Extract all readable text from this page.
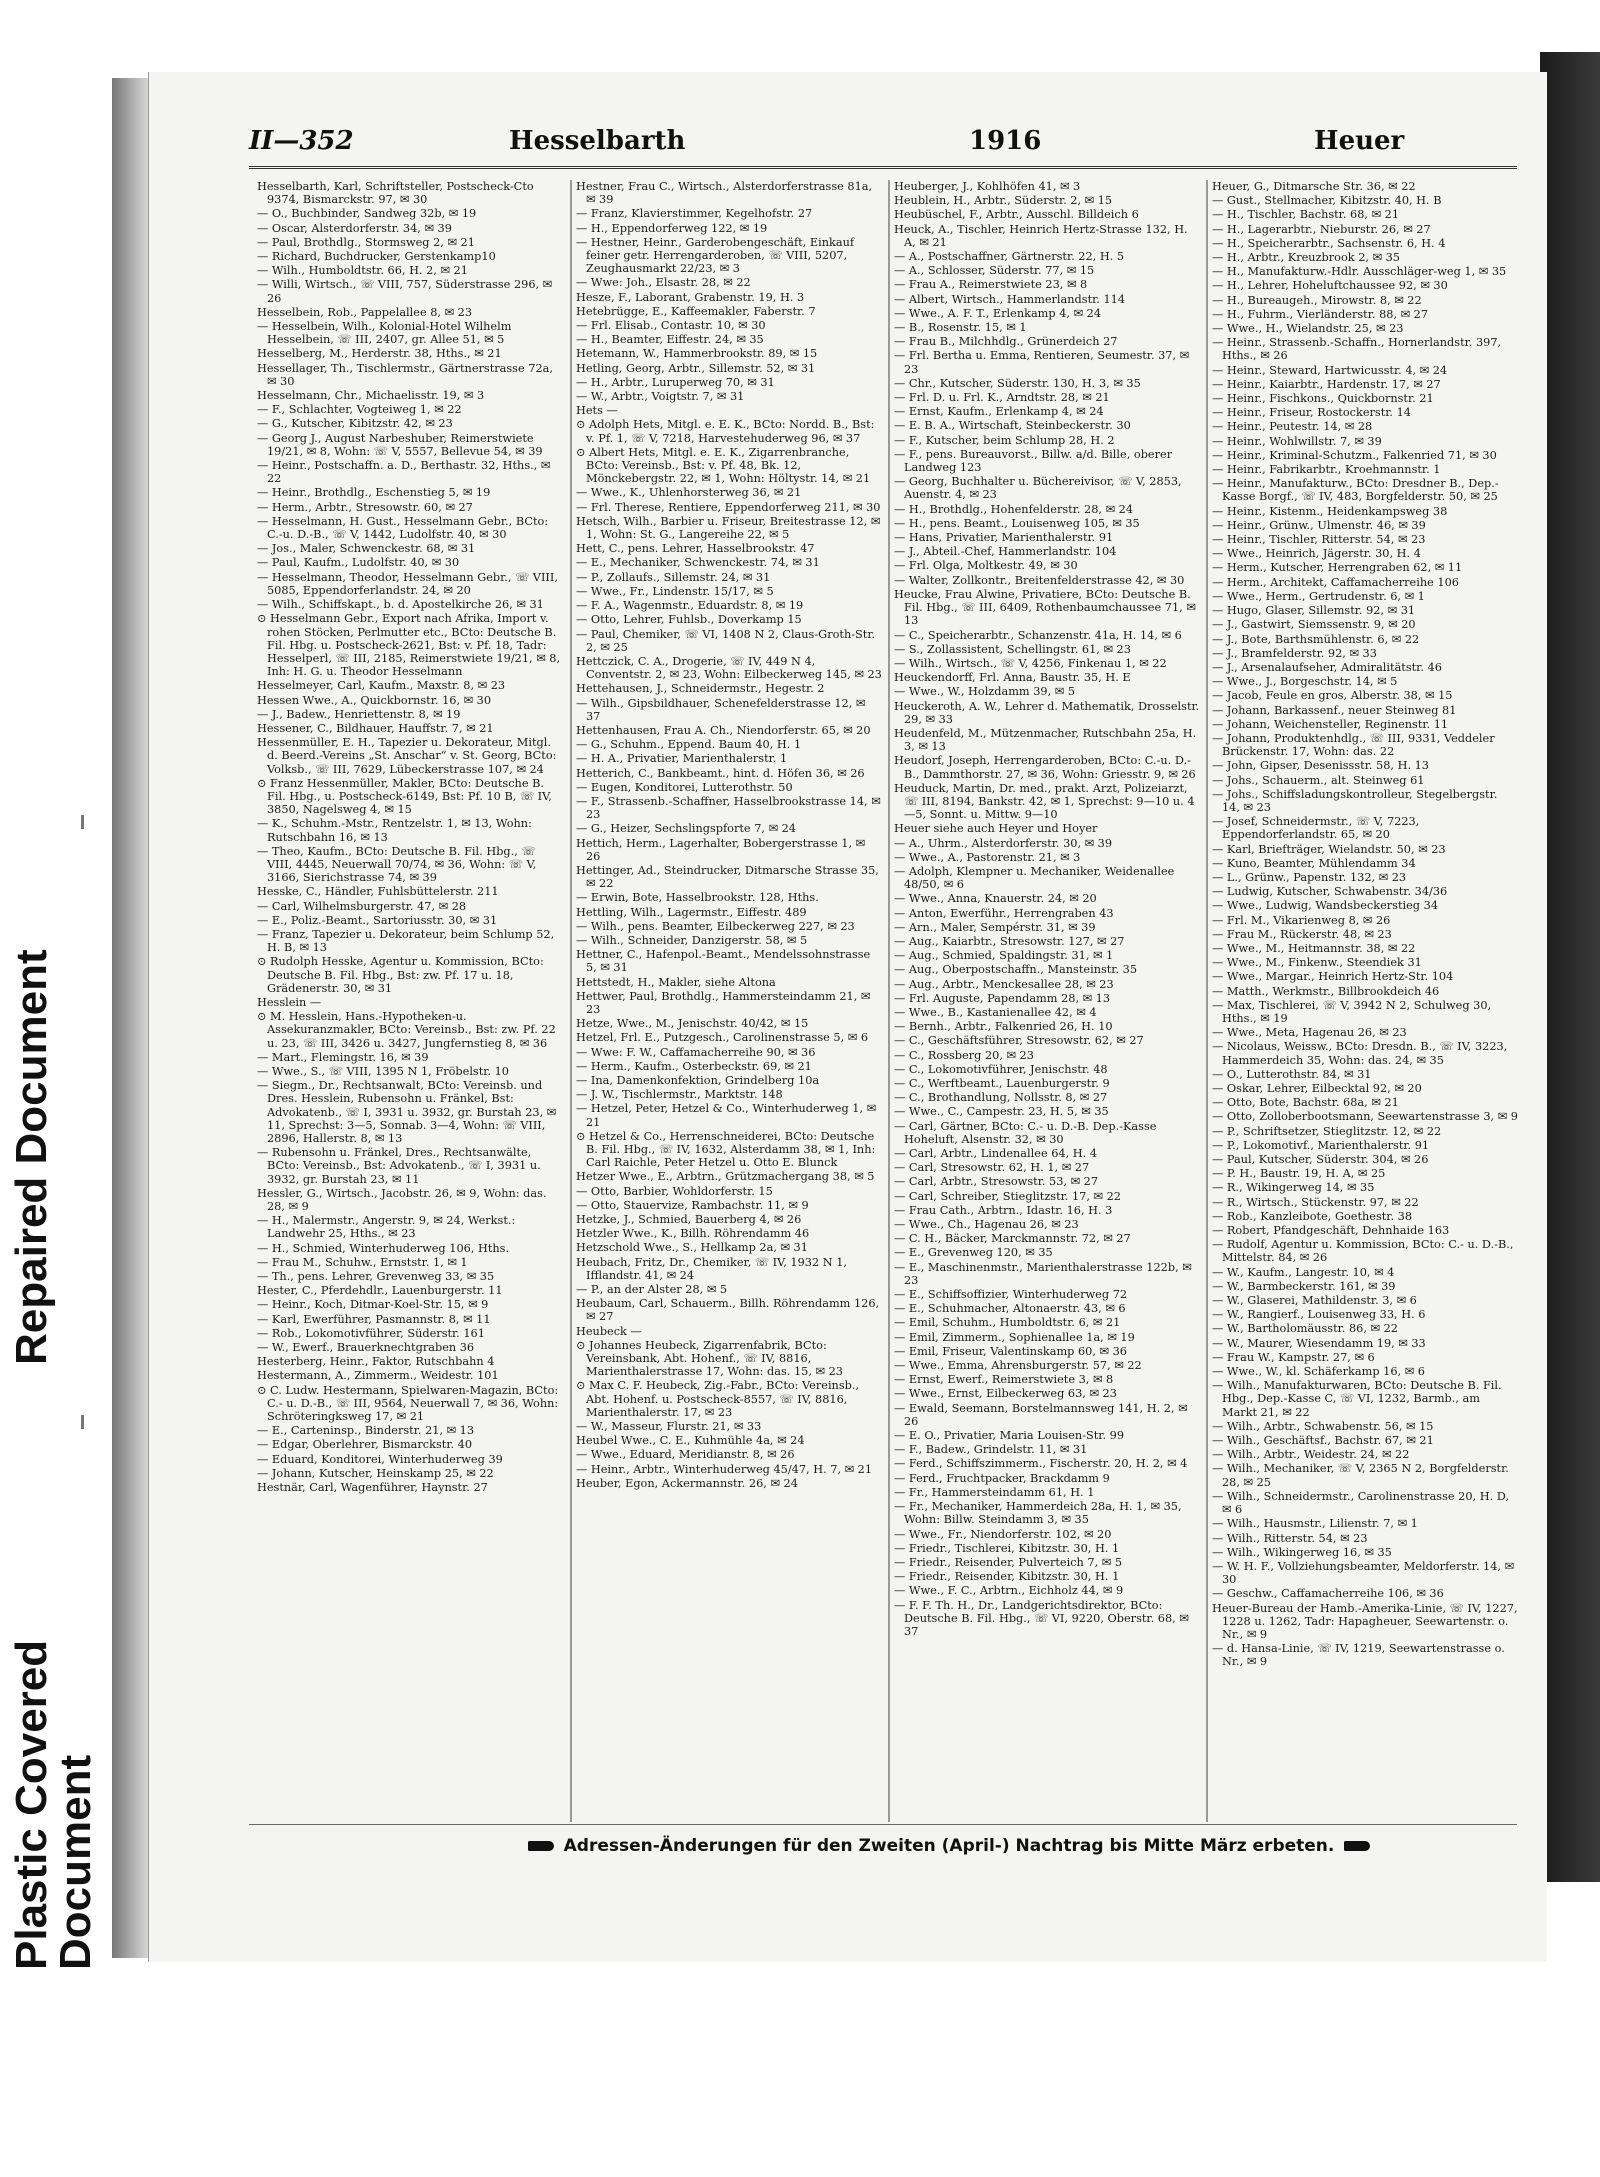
Repaired Document
Plastic Covered Document
II—352	Hesselbarth	1916	Heuer
Hesselbarth, Karl, Schriftsteller, Postscheck-Cto 9374, Bismarckstr. 97, ✉ 30
— O., Buchbinder, Sandweg 32b, ✉ 19
— Oscar, Alsterdorferstr. 34, ✉ 39
— Paul, Brothdlg., Stormsweg 2, ✉ 21
— Richard, Buchdrucker, Gerstenkamp10
— Wilh., Humboldtstr. 66, H. 2, ✉ 21
— Willi, Wirtsch., ☏ VIII, 757, Süderstrasse 296, ✉ 26
Hesselbein, Rob., Pappelallee 8, ✉ 23
— Hesselbein, Wilh., Kolonial-Hotel Wilhelm Hesselbein, ☏ III, 2407, gr. Allee 51, ✉ 5
Hesselberg, M., Herderstr. 38, Hths., ✉ 21
Hessellager, Th., Tischlermstr., Gärtnerstrasse 72a, ✉ 30
Hesselmann, Chr., Michaelisstr. 19, ✉ 3
— F., Schlachter, Vogteiweg 1, ✉ 22
— G., Kutscher, Kibitzstr. 42, ✉ 23
— Georg J., August Narbeshuber, Reimerstwiete 19/21, ✉ 8, Wohn: ☏ V, 5557, Bellevue 54, ✉ 39
— Heinr., Postschaffn. a. D., Berthastr. 32, Hths., ✉ 22
— Heinr., Brothdlg., Eschenstieg 5, ✉ 19
— Herm., Arbtr., Stresowstr. 60, ✉ 27
— Hesselmann, H. Gust., Hesselmann Gebr., BCto: C.-u. D.-B., ☏ V, 1442, Ludolfstr. 40, ✉ 30
— Jos., Maler, Schwenckestr. 68, ✉ 31
— Paul, Kaufm., Ludolfstr. 40, ✉ 30
— Hesselmann, Theodor, Hesselmann Gebr., ☏ VIII, 5085, Eppendorferlandstr. 24, ✉ 20
— Wilh., Schiffskapt., b. d. Apostelkirche 26, ✉ 31
⊙ Hesselmann Gebr., Export nach Afrika, Import v. rohen Stöcken, Perlmutter etc., BCto: Deutsche B. Fil. Hbg. u. Postscheck-2621, Bst: v. Pf. 18, Tadr: Hesselperl, ☏ III, 2185, Reimerstwiete 19/21, ✉ 8, Inh: H. G. u. Theodor Hesselmann
Hesselmeyer, Carl, Kaufm., Maxstr. 8, ✉ 23
Hessen Wwe., A., Quickbornstr. 16, ✉ 30
— J., Badew., Henriettenstr. 8, ✉ 19
Hessener, C., Bildhauer, Hauffstr. 7, ✉ 21
Hessenmüller, E. H., Tapezier u. Dekorateur, Mitgl. d. Beerd.-Vereins „St. Anschar“ v. St. Georg, BCto: Volksb., ☏ III, 7629, Lübeckerstrasse 107, ✉ 24
⊙ Franz Hessenmüller, Makler, BCto: Deutsche B. Fil. Hbg., u. Postscheck-6149, Bst: Pf. 10 B, ☏ IV, 3850, Nagelsweg 4, ✉ 15
— K., Schuhm.-Mstr., Rentzelstr. 1, ✉ 13, Wohn: Rutschbahn 16, ✉ 13
— Theo, Kaufm., BCto: Deutsche B. Fil. Hbg., ☏ VIII, 4445, Neuerwall 70/74, ✉ 36, Wohn: ☏ V, 3166, Sierichstrasse 74, ✉ 39
Hesske, C., Händler, Fuhlsbüttelerstr. 211
— Carl, Wilhelmsburgerstr. 47, ✉ 28
— E., Poliz.-Beamt., Sartoriusstr. 30, ✉ 31
— Franz, Tapezier u. Dekorateur, beim Schlump 52, H. B, ✉ 13
⊙ Rudolph Hesske, Agentur u. Kommission, BCto: Deutsche B. Fil. Hbg., Bst: zw. Pf. 17 u. 18, Grädenerstr. 30, ✉ 31
Hesslein —
⊙ M. Hesslein, Hans.-Hypotheken-u. Assekuranzmakler, BCto: Vereinsb., Bst: zw. Pf. 22 u. 23, ☏ III, 3426 u. 3427, Jungfernstieg 8, ✉ 36
— Mart., Flemingstr. 16, ✉ 39
— Wwe., S., ☏ VIII, 1395 N 1, Fröbelstr. 10
— Siegm., Dr., Rechtsanwalt, BCto: Vereinsb. und Dres. Hesslein, Rubensohn u. Fränkel, Bst: Advokatenb., ☏ I, 3931 u. 3932, gr. Burstah 23, ✉ 11, Sprechst: 3—5, Sonnab. 3—4, Wohn: ☏ VIII, 2896, Hallerstr. 8, ✉ 13
— Rubensohn u. Fränkel, Dres., Rechtsanwälte, BCto: Vereinsb., Bst: Advokatenb., ☏ I, 3931 u. 3932, gr. Burstah 23, ✉ 11
Hessler, G., Wirtsch., Jacobstr. 26, ✉ 9, Wohn: das. 28, ✉ 9
— H., Malermstr., Angerstr. 9, ✉ 24, Werkst.: Landwehr 25, Hths., ✉ 23
— H., Schmied, Winterhuderweg 106, Hths.
— Frau M., Schuhw., Ernststr. 1, ✉ 1
— Th., pens. Lehrer, Grevenweg 33, ✉ 35
Hester, C., Pferdehdlr., Lauenburgerstr. 11
— Heinr., Koch, Ditmar-Koel-Str. 15, ✉ 9
— Karl, Ewerführer, Pasmannstr. 8, ✉ 11
— Rob., Lokomotivführer, Süderstr. 161
— W., Ewerf., Brauerknechtgraben 36
Hesterberg, Heinr., Faktor, Rutschbahn 4
Hestermann, A., Zimmerm., Weidestr. 101
⊙ C. Ludw. Hestermann, Spielwaren-Magazin, BCto: C.- u. D.-B., ☏ III, 9564, Neuerwall 7, ✉ 36, Wohn: Schröteringksweg 17, ✉ 21
— E., Carteninsp., Binderstr. 21, ✉ 13
— Edgar, Oberlehrer, Bismarckstr. 40
— Eduard, Konditorei, Winterhuderweg 39
— Johann, Kutscher, Heinskamp 25, ✉ 22
Hestnär, Carl, Wagenführer, Haynstr. 27
Hestner, Frau C., Wirtsch., Alsterdorferstrasse 81a, ✉ 39
— Franz, Klavierstimmer, Kegelhofstr. 27
— H., Eppendorferweg 122, ✉ 19
— Hestner, Heinr., Garderobengeschäft, Einkauf feiner getr. Herrengarderoben, ☏ VIII, 5207, Zeughausmarkt 22/23, ✉ 3
— Wwe: Joh., Elsastr. 28, ✉ 22
Hesze, F., Laborant, Grabenstr. 19, H. 3
Hetebrügge, E., Kaffeemakler, Faberstr. 7
— Frl. Elisab., Contastr. 10, ✉ 30
— H., Beamter, Eiffestr. 24, ✉ 35
Hetemann, W., Hammerbrookstr. 89, ✉ 15
Hetling, Georg, Arbtr., Sillemstr. 52, ✉ 31
— H., Arbtr., Luruperweg 70, ✉ 31
— W., Arbtr., Voigtstr. 7, ✉ 31
Hets —
⊙ Adolph Hets, Mitgl. e. E. K., BCto: Nordd. B., Bst: v. Pf. 1, ☏ V, 7218, Harvestehuderweg 96, ✉ 37
⊙ Albert Hets, Mitgl. e. E. K., Zigarrenbranche, BCto: Vereinsb., Bst: v. Pf. 48, Bk. 12, Mönckebergstr. 22, ✉ 1, Wohn: Höltystr. 14, ✉ 21
— Wwe., K., Uhlenhorsterweg 36, ✉ 21
— Frl. Therese, Rentiere, Eppendorferweg 211, ✉ 30
Hetsch, Wilh., Barbier u. Friseur, Breitestrasse 12, ✉ 1, Wohn: St. G., Langereihe 22, ✉ 5
Hett, C., pens. Lehrer, Hasselbrookstr. 47
— E., Mechaniker, Schwenckestr. 74, ✉ 31
— P., Zollaufs., Sillemstr. 24, ✉ 31
— Wwe., Fr., Lindenstr. 15/17, ✉ 5
— F. A., Wagenmstr., Eduardstr. 8, ✉ 19
— Otto, Lehrer, Fuhlsb., Doverkamp 15
— Paul, Chemiker, ☏ VI, 1408 N 2, Claus-Groth-Str. 2, ✉ 25
Hettczick, C. A., Drogerie, ☏ IV, 449 N 4, Conventstr. 2, ✉ 23, Wohn: Eilbeckerweg 145, ✉ 23
Hettehausen, J., Schneidermstr., Hegestr. 2
— Wilh., Gipsbildhauer, Schenefelderstrasse 12, ✉ 37
Hettenhausen, Frau A. Ch., Niendorferstr. 65, ✉ 20
— G., Schuhm., Eppend. Baum 40, H. 1
— H. A., Privatier, Marienthalerstr. 1
Hetterich, C., Bankbeamt., hint. d. Höfen 36, ✉ 26
— Eugen, Konditorei, Lutterothstr. 50
— F., Strassenb.-Schaffner, Hasselbrookstrasse 14, ✉ 23
— G., Heizer, Sechslingspforte 7, ✉ 24
Hettich, Herm., Lagerhalter, Bobergerstrasse 1, ✉ 26
Hettinger, Ad., Steindrucker, Ditmarsche Strasse 35, ✉ 22
— Erwin, Bote, Hasselbrookstr. 128, Hths.
Hettling, Wilh., Lagermstr., Eiffestr. 489
— Wilh., pens. Beamter, Eilbeckerweg 227, ✉ 23
— Wilh., Schneider, Danzigerstr. 58, ✉ 5
Hettner, C., Hafenpol.-Beamt., Mendelssohnstrasse 5, ✉ 31
Hettstedt, H., Makler, siehe Altona
Hettwer, Paul, Brothdlg., Hammersteindamm 21, ✉ 23
Hetze, Wwe., M., Jenischstr. 40/42, ✉ 15
Hetzel, Frl. E., Putzgesch., Carolinenstrasse 5, ✉ 6
— Wwe: F. W., Caffamacherreihe 90, ✉ 36
— Herm., Kaufm., Osterbeckstr. 69, ✉ 21
— Ina, Damenkonfektion, Grindelberg 10a
— J. W., Tischlermstr., Marktstr. 148
— Hetzel, Peter, Hetzel & Co., Winterhuderweg 1, ✉ 21
⊙ Hetzel & Co., Herrenschneiderei, BCto: Deutsche B. Fil. Hbg., ☏ IV, 1632, Alsterdamm 38, ✉ 1, Inh: Carl Raichle, Peter Hetzel u. Otto E. Blunck
Hetzer Wwe., E., Arbtrn., Grützmachergang 38, ✉ 5
— Otto, Barbier, Wohldorferstr. 15
— Otto, Stauervize, Rambachstr. 11, ✉ 9
Hetzke, J., Schmied, Bauerberg 4, ✉ 26
Hetzler Wwe., K., Billh. Röhrendamm 46
Hetzschold Wwe., S., Hellkamp 2a, ✉ 31
Heubach, Fritz, Dr., Chemiker, ☏ IV, 1932 N 1, Ifflandstr. 41, ✉ 24
— P., an der Alster 28, ✉ 5
Heubaum, Carl, Schauerm., Billh. Röhrendamm 126, ✉ 27
Heubeck —
⊙ Johannes Heubeck, Zigarrenfabrik, BCto: Vereinsbank, Abt. Hohenf., ☏ IV, 8816, Marienthalerstrasse 17, Wohn: das. 15, ✉ 23
⊙ Max C. F. Heubeck, Zig.-Fabr., BCto: Vereinsb., Abt. Hohenf. u. Postscheck-8557, ☏ IV, 8816, Marienthalerstr. 17, ✉ 23
— W., Masseur, Flurstr. 21, ✉ 33
Heubel Wwe., C. E., Kuhmühle 4a, ✉ 24
— Wwe., Eduard, Meridianstr. 8, ✉ 26
— Heinr., Arbtr., Winterhuderweg 45/47, H. 7, ✉ 21
Heuber, Egon, Ackermannstr. 26, ✉ 24
Heuberger, J., Kohlhöfen 41, ✉ 3
Heublein, H., Arbtr., Süderstr. 2, ✉ 15
Heubüschel, F., Arbtr., Ausschl. Billdeich 6
Heuck, A., Tischler, Heinrich Hertz-Strasse 132, H. A, ✉ 21
— A., Postschaffner, Gärtnerstr. 22, H. 5
— A., Schlosser, Süderstr. 77, ✉ 15
— Frau A., Reimerstwiete 23, ✉ 8
— Albert, Wirtsch., Hammerlandstr. 114
— Wwe., A. F. T., Erlenkamp 4, ✉ 24
— B., Rosenstr. 15, ✉ 1
— Frau B., Milchhdlg., Grünerdeich 27
— Frl. Bertha u. Emma, Rentieren, Seumestr. 37, ✉ 23
— Chr., Kutscher, Süderstr. 130, H. 3, ✉ 35
— Frl. D. u. Frl. K., Arndtstr. 28, ✉ 21
— Ernst, Kaufm., Erlenkamp 4, ✉ 24
— E. B. A., Wirtschaft, Steinbeckerstr. 30
— F., Kutscher, beim Schlump 28, H. 2
— F., pens. Bureauvorst., Billw. a/d. Bille, oberer Landweg 123
— Georg, Buchhalter u. Büchereivisor, ☏ V, 2853, Auenstr. 4, ✉ 23
— H., Brothdlg., Hohenfelderstr. 28, ✉ 24
— H., pens. Beamt., Louisenweg 105, ✉ 35
— Hans, Privatier, Marienthalerstr. 91
— J., Abteil.-Chef, Hammerlandstr. 104
— Frl. Olga, Moltkestr. 49, ✉ 30
— Walter, Zollkontr., Breitenfelderstrasse 42, ✉ 30
Heucke, Frau Alwine, Privatiere, BCto: Deutsche B. Fil. Hbg., ☏ III, 6409, Rothenbaumchaussee 71, ✉ 13
— C., Speicherarbtr., Schanzenstr. 41a, H. 14, ✉ 6
— S., Zollassistent, Schellingstr. 61, ✉ 23
— Wilh., Wirtsch., ☏ V, 4256, Finkenau 1, ✉ 22
Heuckendorff, Frl. Anna, Baustr. 35, H. E
— Wwe., W., Holzdamm 39, ✉ 5
Heuckeroth, A. W., Lehrer d. Mathematik, Drosselstr. 29, ✉ 33
Heudenfeld, M., Mützenmacher, Rutschbahn 25a, H. 3, ✉ 13
Heudorf, Joseph, Herrengarderoben, BCto: C.-u. D.-B., Dammthorstr. 27, ✉ 36, Wohn: Griesstr. 9, ✉ 26
Heuduck, Martin, Dr. med., prakt. Arzt, Polizeiarzt, ☏ III, 8194, Bankstr. 42, ✉ 1, Sprechst: 9—10 u. 4—5, Sonnt. u. Mittw. 9—10
Heuer siehe auch Heyer und Hoyer
— A., Uhrm., Alsterdorferstr. 30, ✉ 39
— Wwe., A., Pastorenstr. 21, ✉ 3
— Adolph, Klempner u. Mechaniker, Weidenallee 48/50, ✉ 6
— Wwe., Anna, Knauerstr. 24, ✉ 20
— Anton, Ewerführ., Herrengraben 43
— Arn., Maler, Sempérstr. 31, ✉ 39
— Aug., Kaiarbtr., Stresowstr. 127, ✉ 27
— Aug., Schmied, Spaldingstr. 31, ✉ 1
— Aug., Oberpostschaffn., Mansteinstr. 35
— Aug., Arbtr., Menckesallee 28, ✉ 23
— Frl. Auguste, Papendamm 28, ✉ 13
— Wwe., B., Kastanienallee 42, ✉ 4
— Bernh., Arbtr., Falkenried 26, H. 10
— C., Geschäftsführer, Stresowstr. 62, ✉ 27
— C., Rossberg 20, ✉ 23
— C., Lokomotivführer, Jenischstr. 48
— C., Werftbeamt., Lauenburgerstr. 9
— C., Brothandlung, Nollsstr. 8, ✉ 27
— Wwe., C., Campestr. 23, H. 5, ✉ 35
— Carl, Gärtner, BCto: C.- u. D.-B. Dep.-Kasse Hoheluft, Alsenstr. 32, ✉ 30
— Carl, Arbtr., Lindenallee 64, H. 4
— Carl, Stresowstr. 62, H. 1, ✉ 27
— Carl, Arbtr., Stresowstr. 53, ✉ 27
— Carl, Schreiber, Stieglitzstr. 17, ✉ 22
— Frau Cath., Arbtrn., Idastr. 16, H. 3
— Wwe., Ch., Hagenau 26, ✉ 23
— C. H., Bäcker, Marckmannstr. 72, ✉ 27
— E., Grevenweg 120, ✉ 35
— E., Maschinenmstr., Marienthalerstrasse 122b, ✉ 23
— E., Schiffsoffizier, Winterhuderweg 72
— E., Schuhmacher, Altonaerstr. 43, ✉ 6
— Emil, Schuhm., Humboldtstr. 6, ✉ 21
— Emil, Zimmerm., Sophienallee 1a, ✉ 19
— Emil, Friseur, Valentinskamp 60, ✉ 36
— Wwe., Emma, Ahrensburgerstr. 57, ✉ 22
— Ernst, Ewerf., Reimerstwiete 3, ✉ 8
— Wwe., Ernst, Eilbeckerweg 63, ✉ 23
— Ewald, Seemann, Borstelmannsweg 141, H. 2, ✉ 26
— E. O., Privatier, Maria Louisen-Str. 99
— F., Badew., Grindelstr. 11, ✉ 31
— Ferd., Schiffszimmerm., Fischerstr. 20, H. 2, ✉ 4
— Ferd., Fruchtpacker, Brackdamm 9
— Fr., Hammersteindamm 61, H. 1
— Fr., Mechaniker, Hammerdeich 28a, H. 1, ✉ 35, Wohn: Billw. Steindamm 3, ✉ 35
— Wwe., Fr., Niendorferstr. 102, ✉ 20
— Friedr., Tischlerei, Kibitzstr. 30, H. 1
— Friedr., Reisender, Pulverteich 7, ✉ 5
— Friedr., Reisender, Kibitzstr. 30, H. 1
— Wwe., F. C., Arbtrn., Eichholz 44, ✉ 9
— F. F. Th. H., Dr., Landgerichtsdirektor, BCto: Deutsche B. Fil. Hbg., ☏ VI, 9220, Oberstr. 68, ✉ 37
Heuer, G., Ditmarsche Str. 36, ✉ 22
— Gust., Stellmacher, Kibitzstr. 40, H. B
— H., Tischler, Bachstr. 68, ✉ 21
— H., Lagerarbtr., Nieburstr. 26, ✉ 27
— H., Speicherarbtr., Sachsenstr. 6, H. 4
— H., Arbtr., Kreuzbrook 2, ✉ 35
— H., Manufakturw.-Hdlr. Ausschläger-weg 1, ✉ 35
— H., Lehrer, Hoheluftchaussee 92, ✉ 30
— H., Bureaugeh., Mirowstr. 8, ✉ 22
— H., Fuhrm., Vierländerstr. 88, ✉ 27
— Wwe., H., Wielandstr. 25, ✉ 23
— Heinr., Strassenb.-Schaffn., Hornerlandstr. 397, Hths., ✉ 26
— Heinr., Steward, Hartwicusstr. 4, ✉ 24
— Heinr., Kaiarbtr., Hardenstr. 17, ✉ 27
— Heinr., Fischkons., Quickbornstr. 21
— Heinr., Friseur, Rostockerstr. 14
— Heinr., Peutestr. 14, ✉ 28
— Heinr., Wohlwillstr. 7, ✉ 39
— Heinr., Kriminal-Schutzm., Falkenried 71, ✉ 30
— Heinr., Fabrikarbtr., Kroehmannstr. 1
— Heinr., Manufakturw., BCto: Dresdner B., Dep.-Kasse Borgf., ☏ IV, 483, Borgfelderstr. 50, ✉ 25
— Heinr., Kistenm., Heidenkampsweg 38
— Heinr., Grünw., Ulmenstr. 46, ✉ 39
— Heinr., Tischler, Ritterstr. 54, ✉ 23
— Wwe., Heinrich, Jägerstr. 30, H. 4
— Herm., Kutscher, Herrengraben 62, ✉ 11
— Herm., Architekt, Caffamacherreihe 106
— Wwe., Herm., Gertrudenstr. 6, ✉ 1
— Hugo, Glaser, Sillemstr. 92, ✉ 31
— J., Gastwirt, Siemssenstr. 9, ✉ 20
— J., Bote, Barthsmühlenstr. 6, ✉ 22
— J., Bramfelderstr. 92, ✉ 33
— J., Arsenalaufseher, Admiralitätstr. 46
— Wwe., J., Borgeschstr. 14, ✉ 5
— Jacob, Feule en gros, Alberstr. 38, ✉ 15
— Johann, Barkassenf., neuer Steinweg 81
— Johann, Weichensteller, Reginenstr. 11
— Johann, Produktenhdlg., ☏ III, 9331, Veddeler Brückenstr. 17, Wohn: das. 22
— John, Gipser, Desenissstr. 58, H. 13
— Johs., Schauerm., alt. Steinweg 61
— Johs., Schiffsladungskontrolleur, Stegelbergstr. 14, ✉ 23
— Josef, Schneidermstr., ☏ V, 7223, Eppendorferlandstr. 65, ✉ 20
— Karl, Briefträger, Wielandstr. 50, ✉ 23
— Kuno, Beamter, Mühlendamm 34
— L., Grünw., Papenstr. 132, ✉ 23
— Ludwig, Kutscher, Schwabenstr. 34/36
— Wwe., Ludwig, Wandsbeckerstieg 34
— Frl. M., Vikarienweg 8, ✉ 26
— Frau M., Rückerstr. 48, ✉ 23
— Wwe., M., Heitmannstr. 38, ✉ 22
— Wwe., M., Finkenw., Steendiek 31
— Wwe., Margar., Heinrich Hertz-Str. 104
— Matth., Werkmstr., Billbrookdeich 46
— Max, Tischlerei, ☏ V, 3942 N 2, Schulweg 30, Hths., ✉ 19
— Wwe., Meta, Hagenau 26, ✉ 23
— Nicolaus, Weissw., BCto: Dresdn. B., ☏ IV, 3223, Hammerdeich 35, Wohn: das. 24, ✉ 35
— O., Lutterothstr. 84, ✉ 31
— Oskar, Lehrer, Eilbecktal 92, ✉ 20
— Otto, Bote, Bachstr. 68a, ✉ 21
— Otto, Zolloberbootsmann, Seewartenstrasse 3, ✉ 9
— P., Schriftsetzer, Stieglitzstr. 12, ✉ 22
— P., Lokomotivf., Marienthalerstr. 91
— Paul, Kutscher, Süderstr. 304, ✉ 26
— P. H., Baustr. 19, H. A, ✉ 25
— R., Wikingerweg 14, ✉ 35
— R., Wirtsch., Stückenstr. 97, ✉ 22
— Rob., Kanzleibote, Goethestr. 38
— Robert, Pfandgeschäft, Dehnhaide 163
— Rudolf, Agentur u. Kommission, BCto: C.- u. D.-B., Mittelstr. 84, ✉ 26
— W., Kaufm., Langestr. 10, ✉ 4
— W., Barmbeckerstr. 161, ✉ 39
— W., Glaserei, Mathildenstr. 3, ✉ 6
— W., Rangierf., Louisenweg 33, H. 6
— W., Bartholomäusstr. 86, ✉ 22
— W., Maurer, Wiesendamm 19, ✉ 33
— Frau W., Kampstr. 27, ✉ 6
— Wwe., W., kl. Schäferkamp 16, ✉ 6
— Wilh., Manufakturwaren, BCto: Deutsche B. Fil. Hbg., Dep.-Kasse C, ☏ VI, 1232, Barmb., am Markt 21, ✉ 22
— Wilh., Arbtr., Schwabenstr. 56, ✉ 15
— Wilh., Geschäftsf., Bachstr. 67, ✉ 21
— Wilh., Arbtr., Weidestr. 24, ✉ 22
— Wilh., Mechaniker, ☏ V, 2365 N 2, Borgfelderstr. 28, ✉ 25
— Wilh., Schneidermstr., Carolinenstrasse 20, H. D, ✉ 6
— Wilh., Hausmstr., Lilienstr. 7, ✉ 1
— Wilh., Ritterstr. 54, ✉ 23
— Wilh., Wikingerweg 16, ✉ 35
— W. H. F., Vollziehungsbeamter, Meldorferstr. 14, ✉ 30
— Geschw., Caffamacherreihe 106, ✉ 36
Heuer-Bureau der Hamb.-Amerika-Linie, ☏ IV, 1227, 1228 u. 1262, Tadr: Hapagheuer, Seewartenstr. o. Nr., ✉ 9
— d. Hansa-Linie, ☏ IV, 1219, Seewartenstrasse o. Nr., ✉ 9
Adressen-Änderungen für den Zweiten (April-) Nachtrag bis Mitte März erbeten.
